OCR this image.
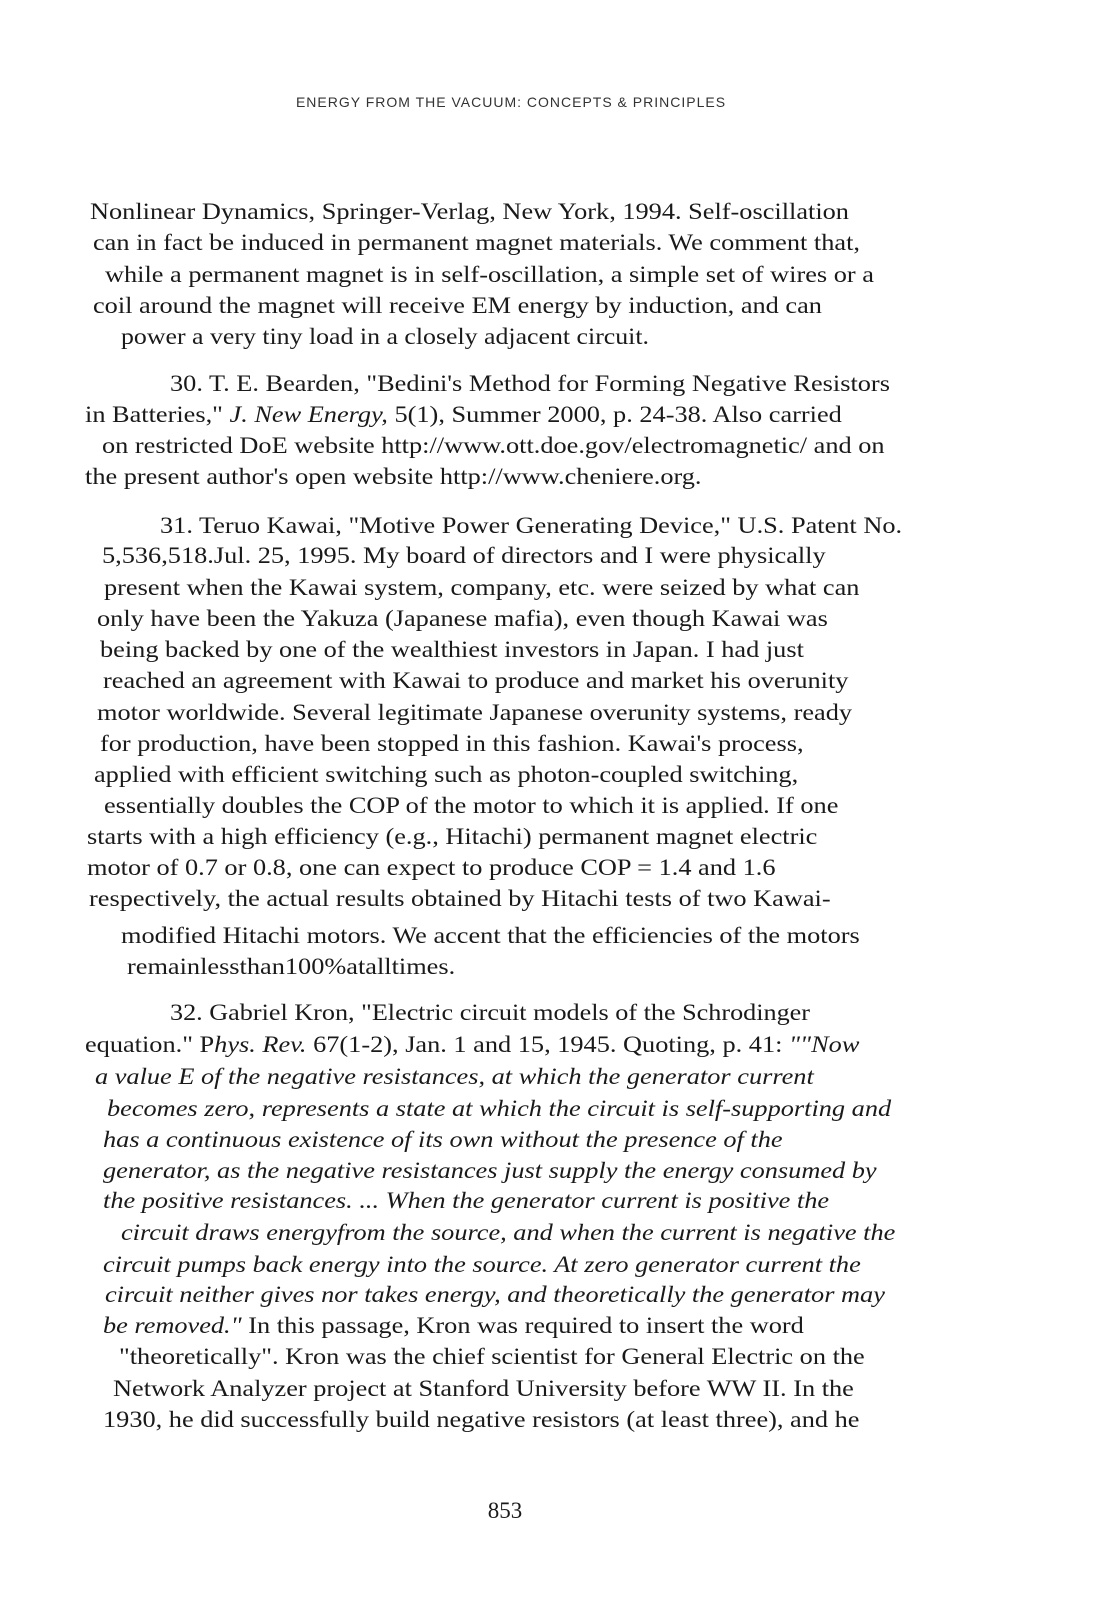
ENERGY FROM THE VACUUM: CONCEPTS & PRINCIPLES
Nonlinear Dynamics, Springer-Verlag, New York, 1994. Self-oscillation
can in fact be induced in permanent magnet materials. We comment that,
while a permanent magnet is in self-oscillation, a simple set of wires or a
coil around the magnet will receive EM energy by induction, and can
power a very tiny load in a closely adjacent circuit.
30. T. E. Bearden, "Bedini's Method for Forming Negative Resistors
in Batteries," J. New Energy, 5(1), Summer 2000, p. 24-38. Also carried
on restricted DoE website http://www.ott.doe.gov/electromagnetic/ and on
the present author's open website http://www.cheniere.org.
31. Teruo Kawai, "Motive Power Generating Device," U.S. Patent No.
5,536,518.Jul. 25, 1995. My board of directors and I were physically
present when the Kawai system, company, etc. were seized by what can
only have been the Yakuza (Japanese mafia), even though Kawai was
being backed by one of the wealthiest investors in Japan. I had just
reached an agreement with Kawai to produce and market his overunity
motor worldwide. Several legitimate Japanese overunity systems, ready
for production, have been stopped in this fashion. Kawai's process,
applied with efficient switching such as photon-coupled switching,
essentially doubles the COP of the motor to which it is applied. If one
starts with a high efficiency (e.g., Hitachi) permanent magnet electric
motor of 0.7 or 0.8, one can expect to produce COP = 1.4 and 1.6
respectively, the actual results obtained by Hitachi tests of two Kawai-
modified Hitachi motors. We accent that the efficiencies of the motors
remainlessthan100%atalltimes.
32. Gabriel Kron, "Electric circuit models of the Schrodinger
equation." Phys. Rev. 67(1-2), Jan. 1 and 15, 1945. Quoting, p. 41: ""Now
a value E of the negative resistances, at which the generator current
becomes zero, represents a state at which the circuit is self-supporting and
has a continuous existence of its own without the presence of the
generator, as the negative resistances just supply the energy consumed by
the positive resistances. ... When the generator current is positive the
circuit draws energyfrom the source, and when the current is negative the
circuit pumps back energy into the source. At zero generator current the
circuit neither gives nor takes energy, and theoretically the generator may
be removed." In this passage, Kron was required to insert the word
"theoretically". Kron was the chief scientist for General Electric on the
Network Analyzer project at Stanford University before WW II. In the
1930, he did successfully build negative resistors (at least three), and he
853
